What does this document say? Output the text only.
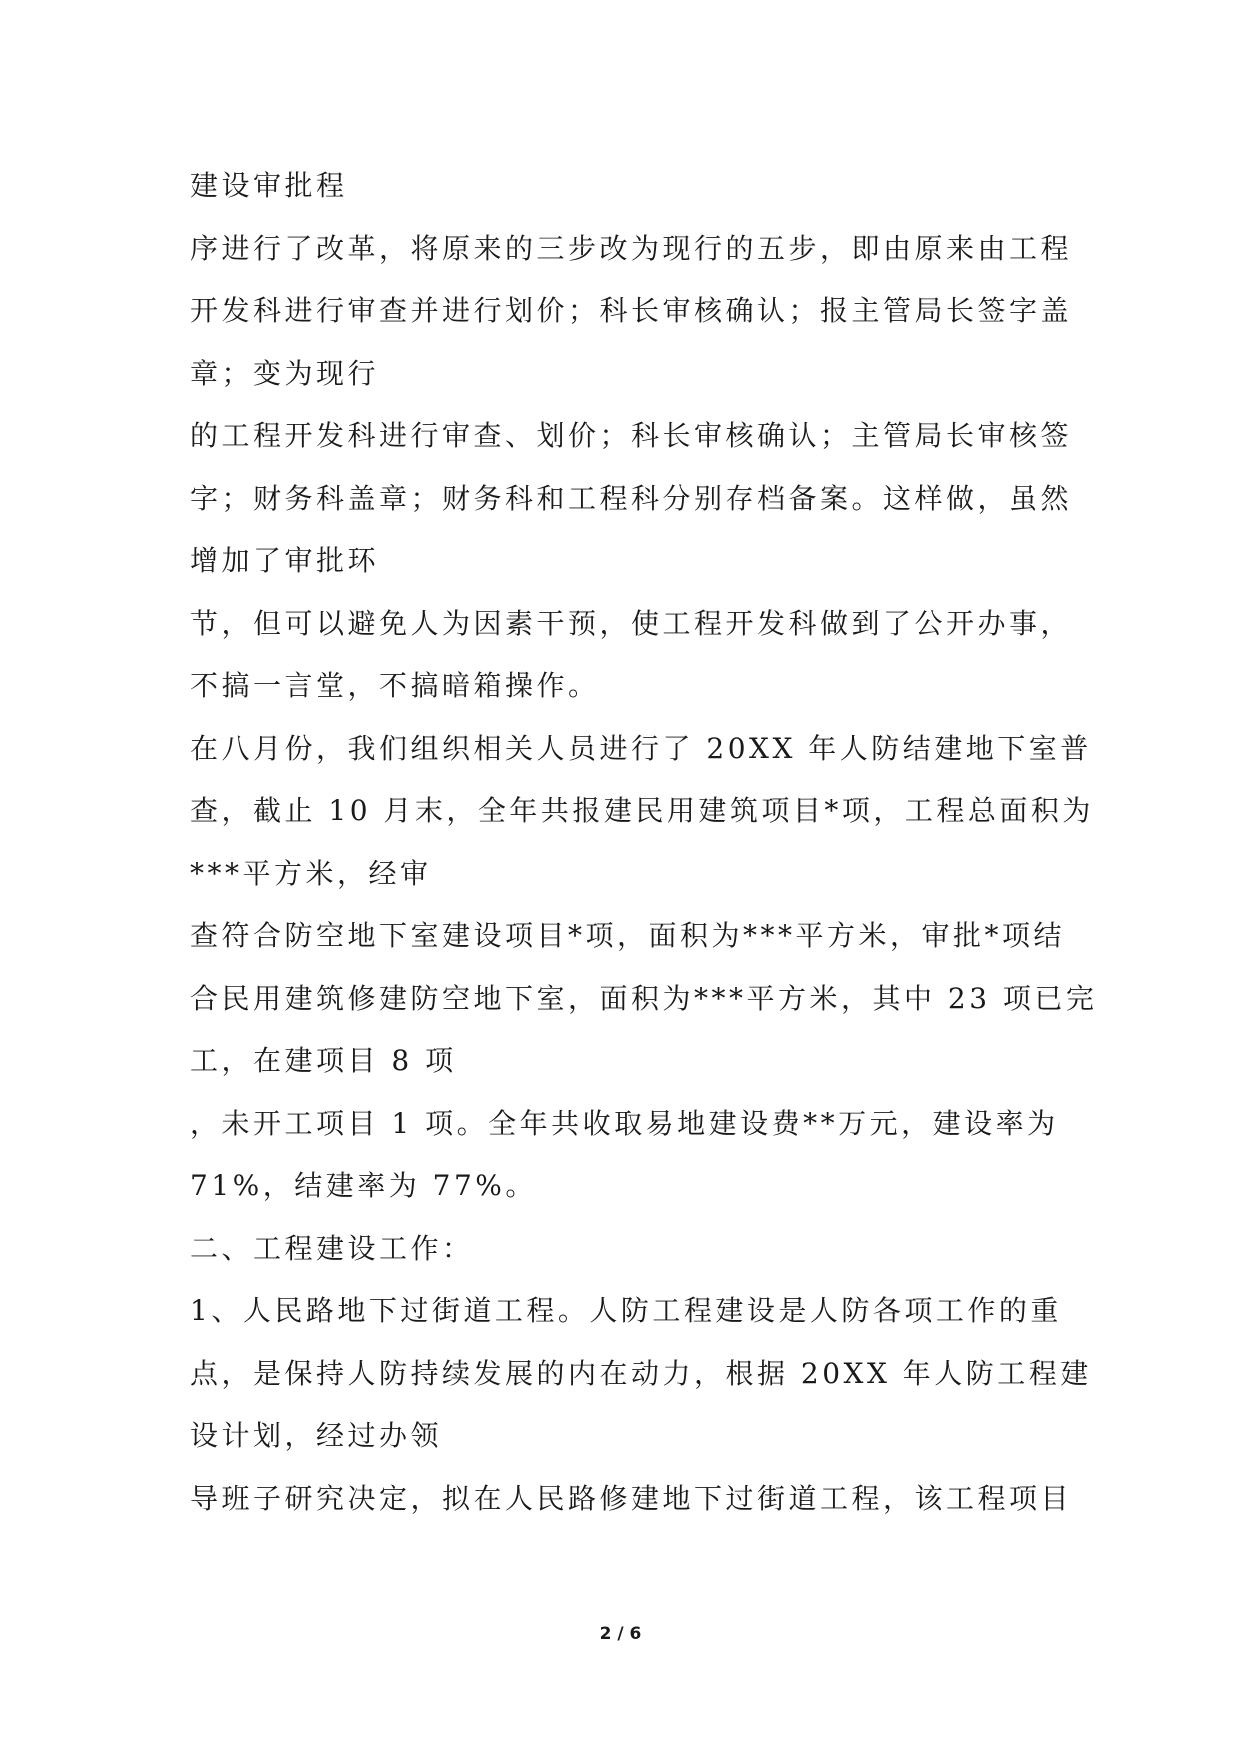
建设审批程
序进行了改革，将原来的三步改为现行的五步，即由原来由工程
开发科进行审查并进行划价；科长审核确认；报主管局长签字盖
章；变为现行
的工程开发科进行审查、划价；科长审核确认；主管局长审核签
字；财务科盖章；财务科和工程科分别存档备案。这样做，虽然
增加了审批环
节，但可以避免人为因素干预，使工程开发科做到了公开办事，
不搞一言堂，不搞暗箱操作。
在八月份，我们组织相关人员进行了 20XX 年人防结建地下室普
查，截止 10 月末，全年共报建民用建筑项目*项，工程总面积为
***平方米，经审
查符合防空地下室建设项目*项，面积为***平方米，审批*项结
合民用建筑修建防空地下室，面积为***平方米，其中 23 项已完
工，在建项目 8 项
，未开工项目 1 项。全年共收取易地建设费**万元，建设率为
71%，结建率为 77%。
二、工程建设工作：
1、人民路地下过街道工程。人防工程建设是人防各项工作的重
点，是保持人防持续发展的内在动力，根据 20XX 年人防工程建
设计划，经过办领
导班子研究决定，拟在人民路修建地下过街道工程，该工程项目
2 / 6
